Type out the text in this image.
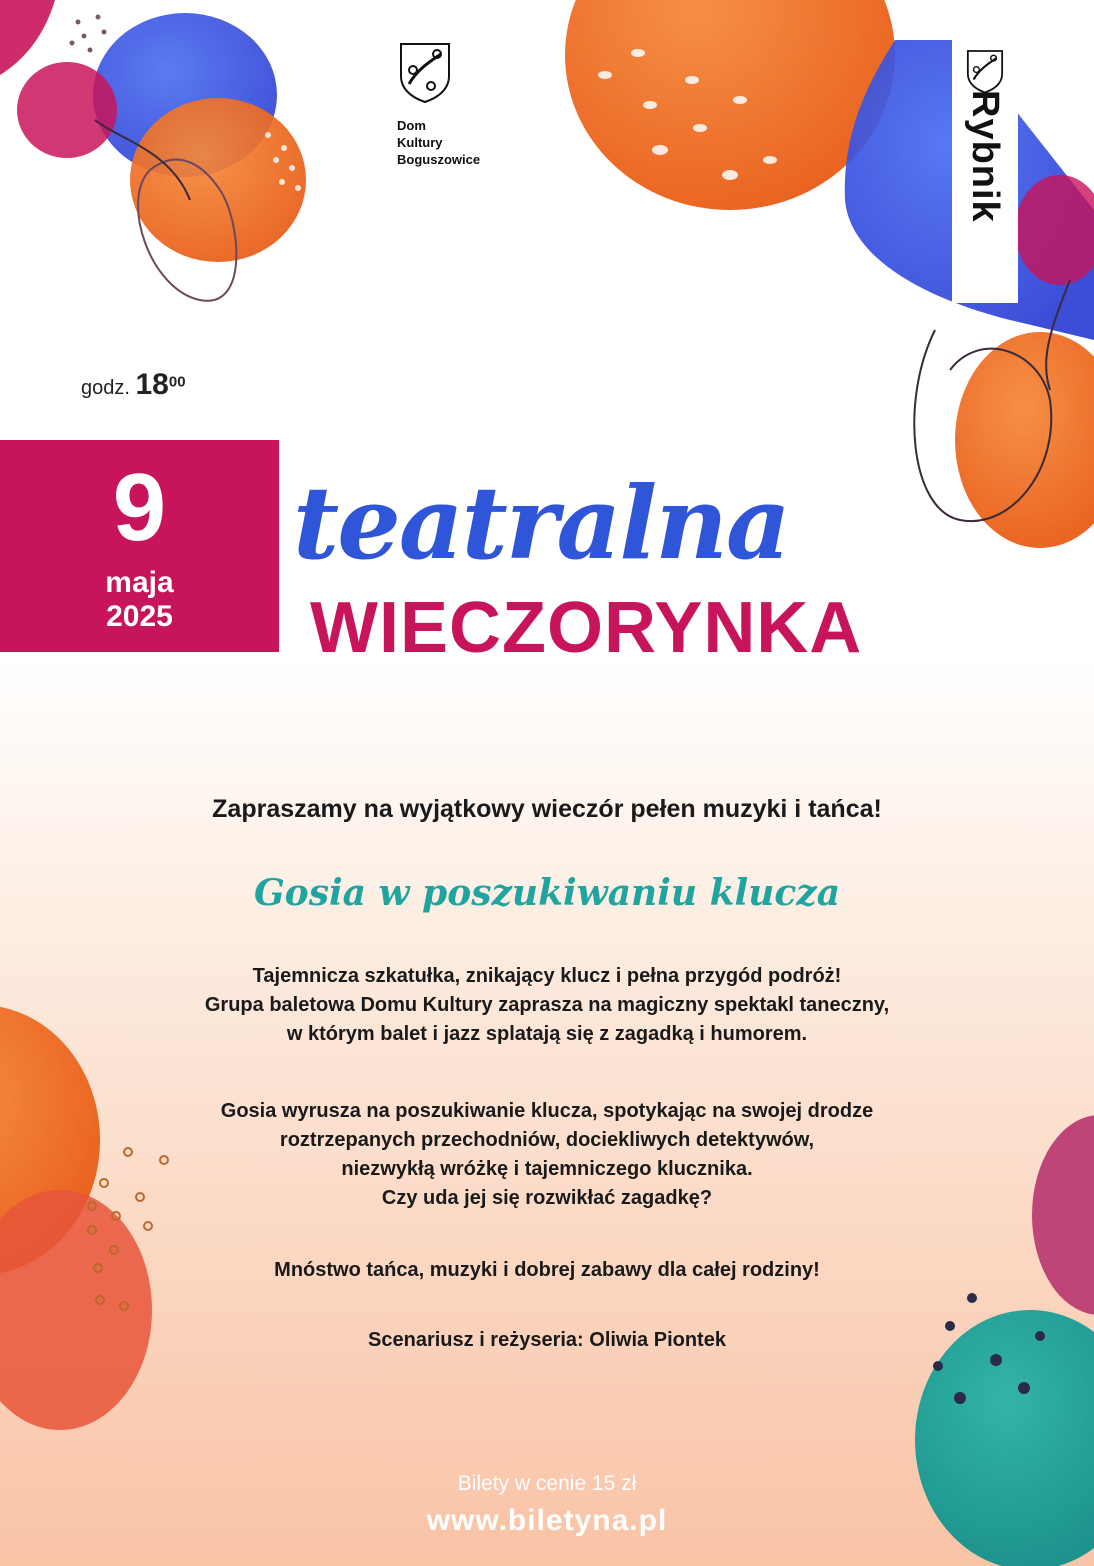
Dom
Kultury
Boguszowice	Rybnik
godz. $18^{00}$
9
maja
2025
teatralna
WIECZORYNKA
Zapraszamy na wyjątkowy wieczór pełen muzyki i tańca!
Gosia w poszukiwaniu klucza
Tajemnicza szkatułka, znikający klucz i pełna przygód podróż!
Grupa baletowa Domu Kultury zaprasza na magiczny spektakl taneczny,
w którym balet i jazz splatają się z zagadką i humorem.
Gosia wyrusza na poszukiwanie klucza, spotykając na swojej drodze
roztrzepanych przechodniów, dociekliwych detektywów,
niezwykłą wróżkę i tajemniczego klucznika.
Czy uda jej się rozwikłać zagadkę?
Mnóstwo tańca, muzyki i dobrej zabawy dla całej rodziny!
Scenariusz i reżyseria: Oliwia Piontek
Bilety w cenie 15 zł
www.biletyna.pl
